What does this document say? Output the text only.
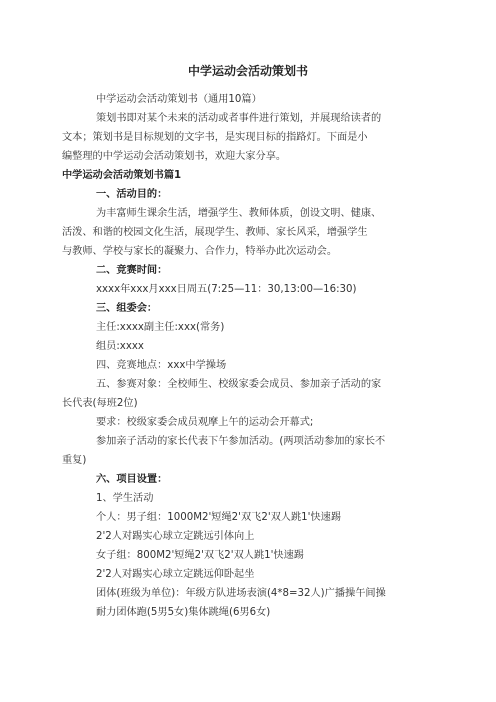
中学运动会活动策划书
中学运动会活动策划书（通用10篇）
策划书即对某个未来的活动或者事件进行策划，并展现给读者的
文本；策划书是目标规划的文字书，是实现目标的指路灯。下面是小
编整理的中学运动会活动策划书，欢迎大家分享。
中学运动会活动策划书篇1
一、活动目的：
为丰富师生课余生活，增强学生、教师体质，创设文明、健康、
活泼、和谐的校园文化生活，展现学生、教师、家长风采，增强学生
与教师、学校与家长的凝聚力、合作力，特举办此次运动会。
二、竞赛时间：
xxxx年xxx月xxx日周五(7:25—11：30,13:00—16:30)
三、组委会：
主任:xxxx副主任:xxx(常务)
组员:xxxx
四、竞赛地点：xxx中学操场
五、参赛对象：全校师生、校级家委会成员、参加亲子活动的家
长代表(每班2位)
要求：校级家委会成员观摩上午的运动会开幕式;
参加亲子活动的家长代表下午参加活动。(两项活动参加的家长不
重复)
六、项目设置：
1、学生活动
个人：男子组：1000M2'短绳2'双飞2'双人跳1'快速踢
2'2人对踢实心球立定跳远引体向上
女子组：800M2'短绳2'双飞2'双人跳1'快速踢
2'2人对踢实心球立定跳远仰卧起坐
团体(班级为单位)：年级方队进场表演(4*8=32人)广播操午间操
耐力团体跑(5男5女)集体跳绳(6男6女)
